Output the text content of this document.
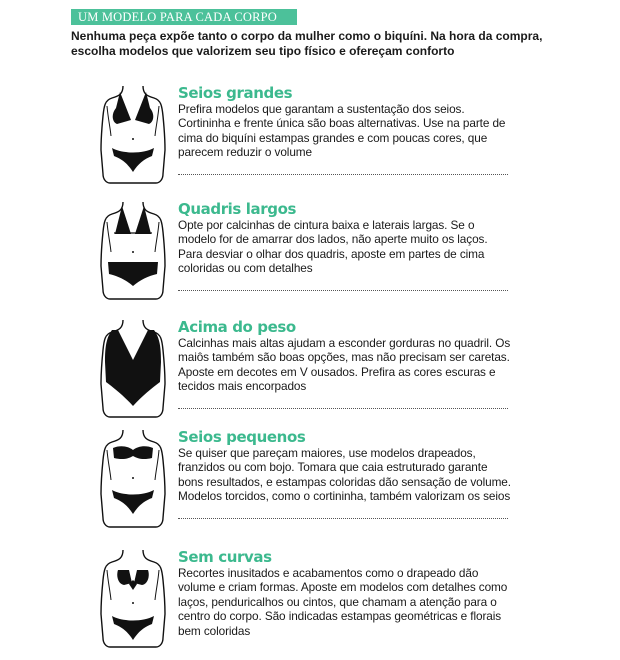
UM MODELO PARA CADA CORPO

Nenhuma peça expõe tanto o corpo da mulher como o biquíni. Na hora da compra, escolha modelos que valorizem seu tipo físico e ofereçam conforto

Seios grandes

Prefira modelos que garantam a sustentação dos seios. Cortininha e frente única são boas alternativas. Use na parte de cima do biquíni estampas grandes e com poucas cores, que parecem reduzir o volume

Quadris largos

Opte por calcinhas de cintura baixa e laterais largas. Se o modelo for de amarrar dos lados, não aperte muito os laços. Para desviar o olhar dos quadris, aposte em partes de cima coloridas ou com detalhes

Acima do peso

Calcinhas mais altas ajudam a esconder gorduras no quadril. Os maiôs também são boas opções, mas não precisam ser caretas. Aposte em decotes em V ousados. Prefira as cores escuras e tecidos mais encorpados

Seios pequenos

Se quiser que pareçam maiores, use modelos drapeados, franzidos ou com bojo. Tomara que caia estruturado garante bons resultados, e estampas coloridas dão sensação de volume. Modelos torcidos, como o cortininha, também valorizam os seios

Sem curvas

Recortes inusitados e acabamentos como o drapeado dão volume e criam formas. Aposte em modelos com detalhes como laços, penduricalhos ou cintos, que chamam a atenção para o centro do corpo. São indicadas estampas geométricas e florais bem coloridas
